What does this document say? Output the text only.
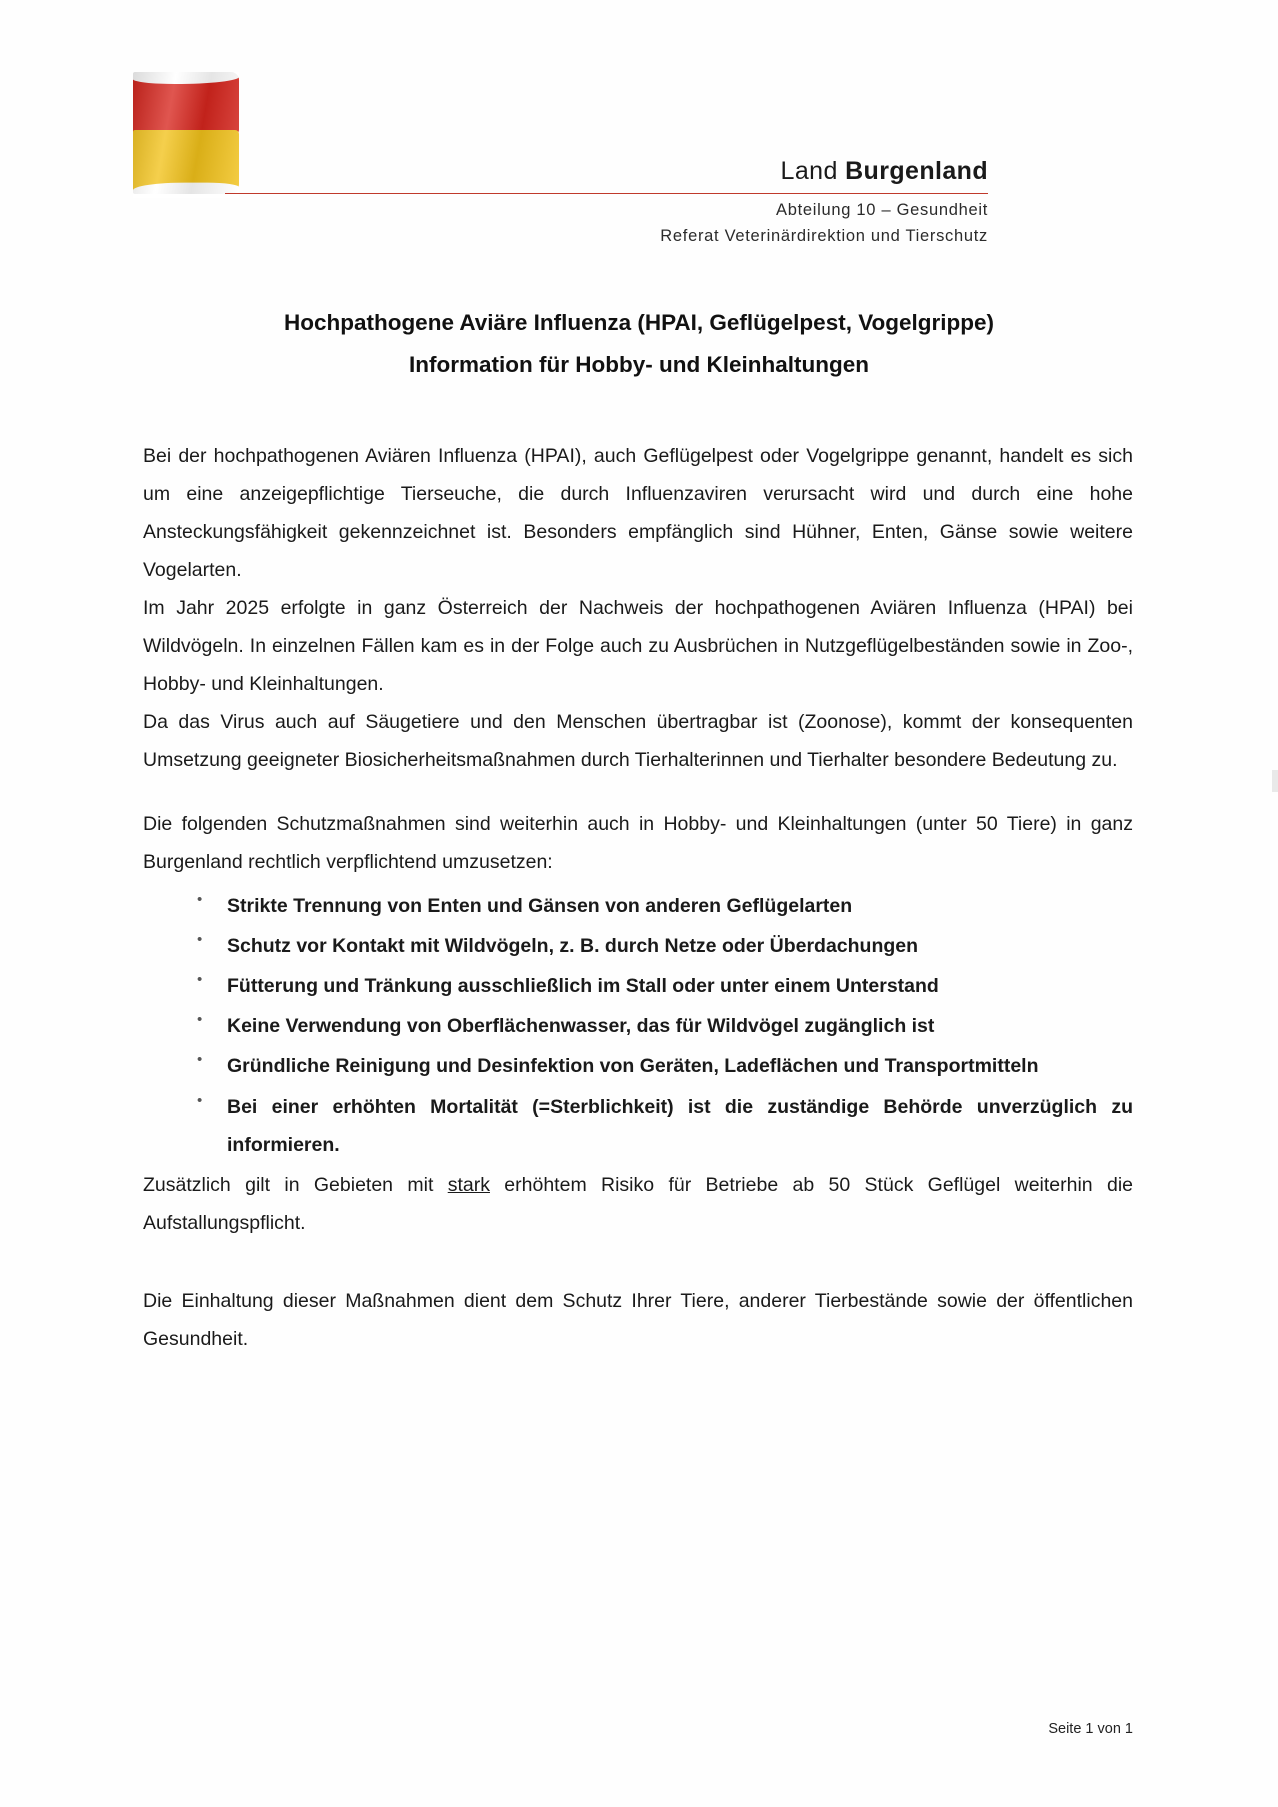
Land Burgenland
Abteilung 10 – Gesundheit
Referat Veterinärdirektion und Tierschutz
Hochpathogene Aviäre Influenza (HPAI, Geflügelpest, Vogelgrippe)
Information für Hobby- und Kleinhaltungen

Bei der hochpathogenen Aviären Influenza (HPAI), auch Geflügelpest oder Vogelgrippe genannt, handelt es sich um eine anzeigepflichtige Tierseuche, die durch Influenzaviren verursacht wird und durch eine hohe Ansteckungsfähigkeit gekennzeichnet ist. Besonders empfänglich sind Hühner, Enten, Gänse sowie weitere Vogelarten.

Im Jahr 2025 erfolgte in ganz Österreich der Nachweis der hochpathogenen Aviären Influenza (HPAI) bei Wildvögeln. In einzelnen Fällen kam es in der Folge auch zu Ausbrüchen in Nutzgeflügelbeständen sowie in Zoo-, Hobby- und Kleinhaltungen.

Da das Virus auch auf Säugetiere und den Menschen übertragbar ist (Zoonose), kommt der konsequenten Umsetzung geeigneter Biosicherheitsmaßnahmen durch Tierhalterinnen und Tierhalter besondere Bedeutung zu.

Die folgenden Schutzmaßnahmen sind weiterhin auch in Hobby- und Kleinhaltungen (unter 50 Tiere) in ganz Burgenland rechtlich verpflichtend umzusetzen:

• Strikte Trennung von Enten und Gänsen von anderen Geflügelarten
• Schutz vor Kontakt mit Wildvögeln, z. B. durch Netze oder Überdachungen
• Fütterung und Tränkung ausschließlich im Stall oder unter einem Unterstand
• Keine Verwendung von Oberflächenwasser, das für Wildvögel zugänglich ist
• Gründliche Reinigung und Desinfektion von Geräten, Ladeflächen und Transportmitteln
• Bei einer erhöhten Mortalität (=Sterblichkeit) ist die zuständige Behörde unverzüglich zu informieren.

Zusätzlich gilt in Gebieten mit stark erhöhtem Risiko für Betriebe ab 50 Stück Geflügel weiterhin die Aufstallungspflicht.

Die Einhaltung dieser Maßnahmen dient dem Schutz Ihrer Tiere, anderer Tierbestände sowie der öffentlichen Gesundheit.

Seite 1 von 1
